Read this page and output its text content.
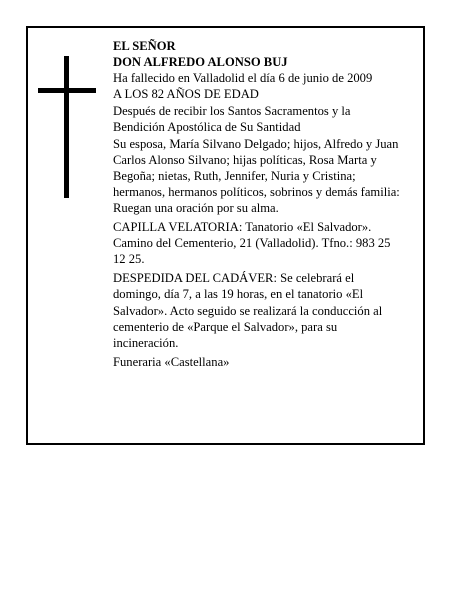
EL SEÑOR

DON ALFREDO ALONSO BUJ

Ha fallecido en Valladolid el día 6 de junio de 2009

A LOS 82 AÑOS DE EDAD

Después de recibir los Santos Sacramentos y la Bendición Apostólica de Su Santidad

Su esposa, María Silvano Delgado; hijos, Alfredo y Juan Carlos Alonso Silvano; hijas políticas, Rosa Marta y Begoña; nietas, Ruth, Jennifer, Nuria y Cristina; hermanos, hermanos políticos, sobrinos y demás familia:

Ruegan una oración por su alma.

CAPILLA VELATORIA: Tanatorio «El Salvador». Camino del Cementerio, 21 (Valladolid). Tfno.: 983 25 12 25.

DESPEDIDA DEL CADÁVER: Se celebrará el domingo, día 7, a las 19 horas, en el tanatorio «El Salvador». Acto seguido se realizará la conducción al cementerio de «Parque el Salvador», para su incineración.

Funeraria «Castellana»
